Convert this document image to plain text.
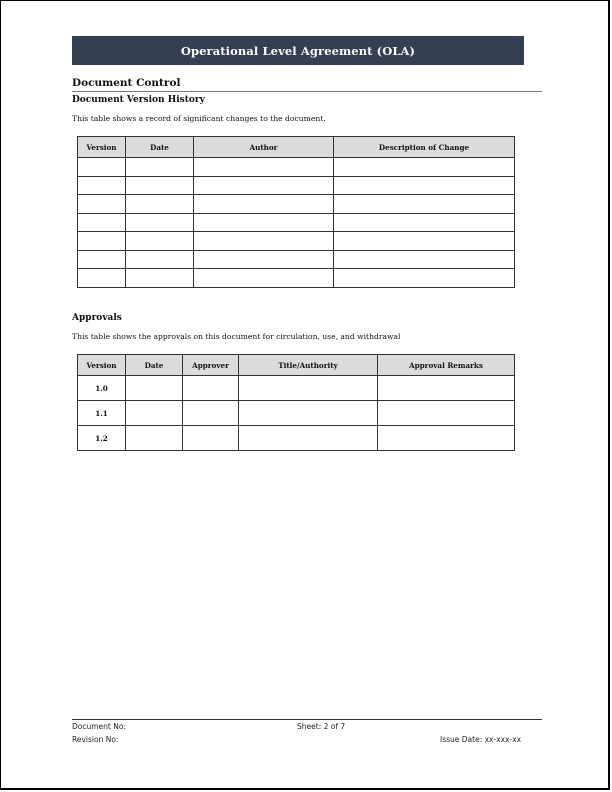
Operational Level Agreement (OLA)
Document Control
Document Version History

This table shows a record of significant changes to the document.

Version	Date	Author	Description of Change

Approvals

This table shows the approvals on this document for circulation, use, and withdrawal

Version	Date	Approver	Title/Authority	Approval Remarks
1.0				
1.1				
1.2				
Document No:
Revision No:
Sheet: 2 of 7
Issue Date: xx-xxx-xx
